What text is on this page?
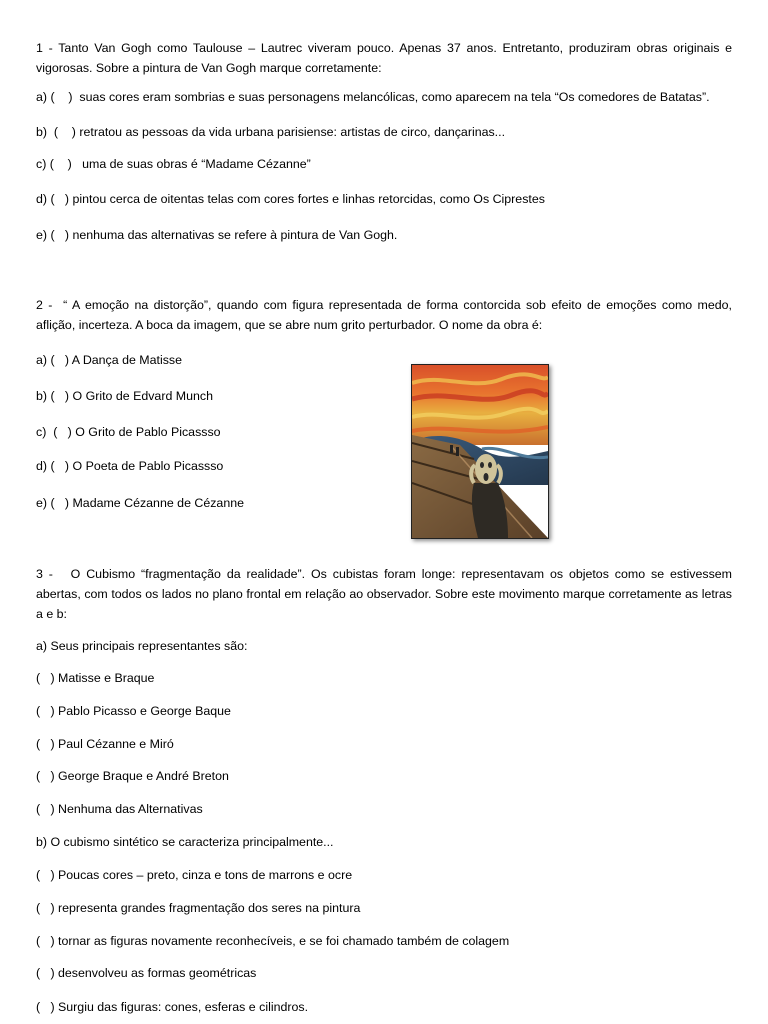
1 - Tanto Van Gogh como Taulouse – Lautrec viveram pouco. Apenas 37 anos. Entretanto, produziram obras originais e vigorosas. Sobre a pintura de Van Gogh marque corretamente:

a) (    )  suas cores eram sombrias e suas personagens melancólicas, como aparecem na tela “Os comedores de Batatas”.

b)  (    ) retratou as pessoas da vida urbana parisiense: artistas de circo, dançarinas...

c) (    )   uma de suas obras é “Madame Cézanne”

d) (   ) pintou cerca de oitentas telas com cores fortes e linhas retorcidas, como Os Ciprestes

e) (   ) nenhuma das alternativas se refere à pintura de Van Gogh.

2 -  “ A emoção na distorção”, quando com figura representada de forma contorcida sob efeito de emoções como medo, aflição, incerteza. A boca da imagem, que se abre num grito perturbador. O nome da obra é:

a) (   ) A Dança de Matisse

b) (   ) O Grito de Edvard Munch

c)  (   ) O Grito de Pablo Picassso

d) (   ) O Poeta de Pablo Picassso

e) (   ) Madame Cézanne de Cézanne

3 -   O Cubismo “fragmentação da realidade”. Os cubistas foram longe: representavam os objetos como se estivessem abertas, com todos os lados no plano frontal em relação ao observador. Sobre este movimento marque corretamente as letras a e b:

a) Seus principais representantes são:

(   ) Matisse e Braque

(   ) Pablo Picasso e George Baque

(   ) Paul Cézanne e Miró

(   ) George Braque e André Breton

(   ) Nenhuma das Alternativas

b) O cubismo sintético se caracteriza principalmente...

(   ) Poucas cores – preto, cinza e tons de marrons e ocre

(   ) representa grandes fragmentação dos seres na pintura

(   ) tornar as figuras novamente reconhecíveis, e se foi chamado também de colagem

(   ) desenvolveu as formas geométricas

(   ) Surgiu das figuras: cones, esferas e cilindros.
